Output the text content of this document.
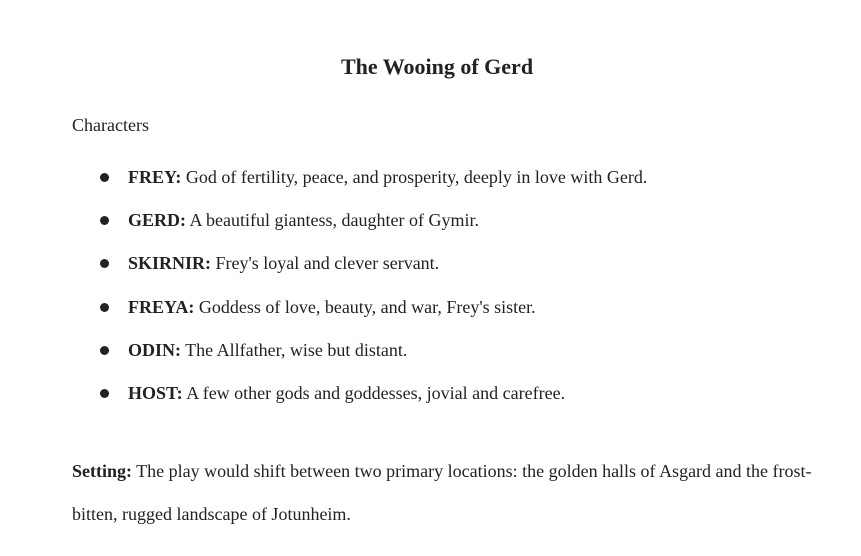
The Wooing of Gerd

Characters

FREY: God of fertility, peace, and prosperity, deeply in love with Gerd.
GERD: A beautiful giantess, daughter of Gymir.
SKIRNIR: Frey's loyal and clever servant.
FREYA: Goddess of love, beauty, and war, Frey's sister.
ODIN: The Allfather, wise but distant.
HOST: A few other gods and goddesses, jovial and carefree.

Setting: The play would shift between two primary locations: the golden halls of Asgard and the frost-bitten, rugged landscape of Jotunheim.
